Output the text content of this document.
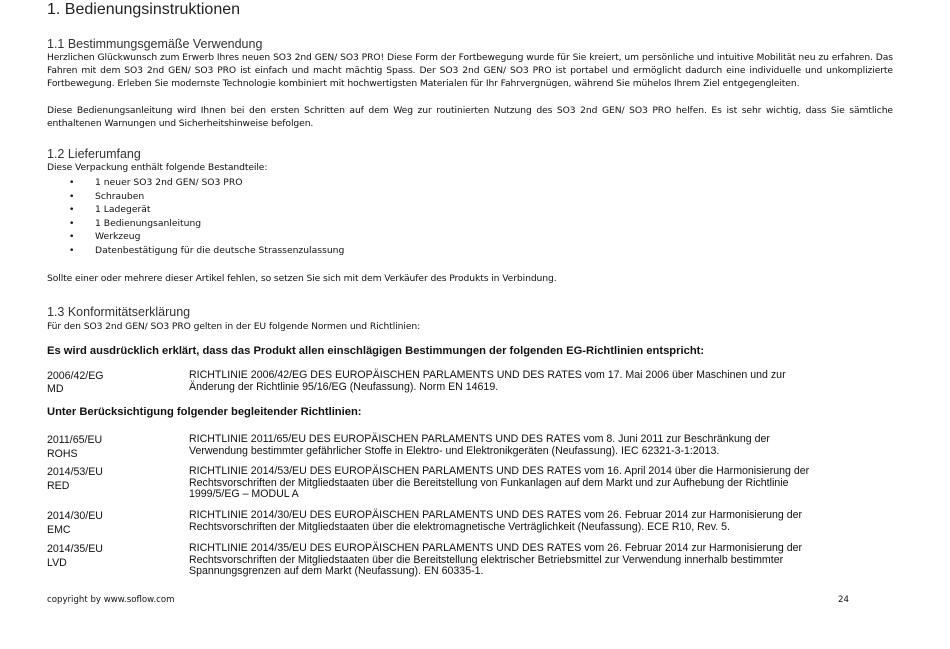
1. Bedienungsinstruktionen
1.1 Bestimmungsgemäße Verwendung
Herzlichen Glückwunsch zum Erwerb Ihres neuen SO3 2nd GEN/ SO3 PRO! Diese Form der Fortbewegung wurde für Sie kreiert, um persönliche und intuitive Mobilität neu zu erfahren. Das Fahren mit dem SO3 2nd GEN/ SO3 PRO ist einfach und macht mächtig Spass. Der SO3 2nd GEN/ SO3 PRO ist portabel und ermöglicht dadurch eine individuelle und unkomplizierte Fortbewegung. Erleben Sie modernste Technologie kombiniert mit hochwertigsten Materialen für Ihr Fahrvergnügen, während Sie mühelos Ihrem Ziel entgegengleiten.
Diese Bedienungsanleitung wird Ihnen bei den ersten Schritten auf dem Weg zur routinierten Nutzung des SO3 2nd GEN/ SO3 PRO helfen. Es ist sehr wichtig, dass Sie sämtliche enthaltenen Warnungen und Sicherheitshinweise befolgen.
1.2 Lieferumfang
Diese Verpackung enthält folgende Bestandteile:
• 1 neuer SO3 2nd GEN/ SO3 PRO
• Schrauben
• 1 Ladegerät
• 1 Bedienungsanleitung
• Werkzeug
• Datenbestätigung für die deutsche Strassenzulassung
Sollte einer oder mehrere dieser Artikel fehlen, so setzen Sie sich mit dem Verkäufer des Produkts in Verbindung.
1.3 Konformitätserklärung
Für den SO3 2nd GEN/ SO3 PRO gelten in der EU folgende Normen und Richtlinien:
Es wird ausdrücklich erklärt, dass das Produkt allen einschlägigen Bestimmungen der folgenden EG-Richtlinien entspricht:
2006/42/EG
MD
RICHTLINIE 2006/42/EG DES EUROPÄISCHEN PARLAMENTS UND DES RATES vom 17. Mai 2006 über Maschinen und zur Änderung der Richtlinie 95/16/EG (Neufassung). Norm EN 14619.
Unter Berücksichtigung folgender begleitender Richtlinien:
2011/65/EU
ROHS
RICHTLINIE 2011/65/EU DES EUROPÄISCHEN PARLAMENTS UND DES RATES vom 8. Juni 2011 zur Beschränkung der Verwendung bestimmter gefährlicher Stoffe in Elektro- und Elektronikgeräten (Neufassung). IEC 62321-3-1:2013.
2014/53/EU
RED
RICHTLINIE 2014/53/EU DES EUROPÄISCHEN PARLAMENTS UND DES RATES vom 16. April 2014 über die Harmonisierung der Rechtsvorschriften der Mitgliedstaaten über die Bereitstellung von Funkanlagen auf dem Markt und zur Aufhebung der Richtlinie 1999/5/EG – MODUL A
2014/30/EU
EMC
RICHTLINIE 2014/30/EU DES EUROPÄISCHEN PARLAMENTS UND DES RATES vom 26. Februar 2014 zur Harmonisierung der Rechtsvorschriften der Mitgliedstaaten über die elektromagnetische Verträglichkeit (Neufassung). ECE R10, Rev. 5.
2014/35/EU
LVD
RICHTLINIE 2014/35/EU DES EUROPÄISCHEN PARLAMENTS UND DES RATES vom 26. Februar 2014 zur Harmonisierung der Rechtsvorschriften der Mitgliedstaaten über die Bereitstellung elektrischer Betriebsmittel zur Verwendung innerhalb bestimmter Spannungsgrenzen auf dem Markt (Neufassung). EN 60335-1.
copyright by www.soflow.com	24
